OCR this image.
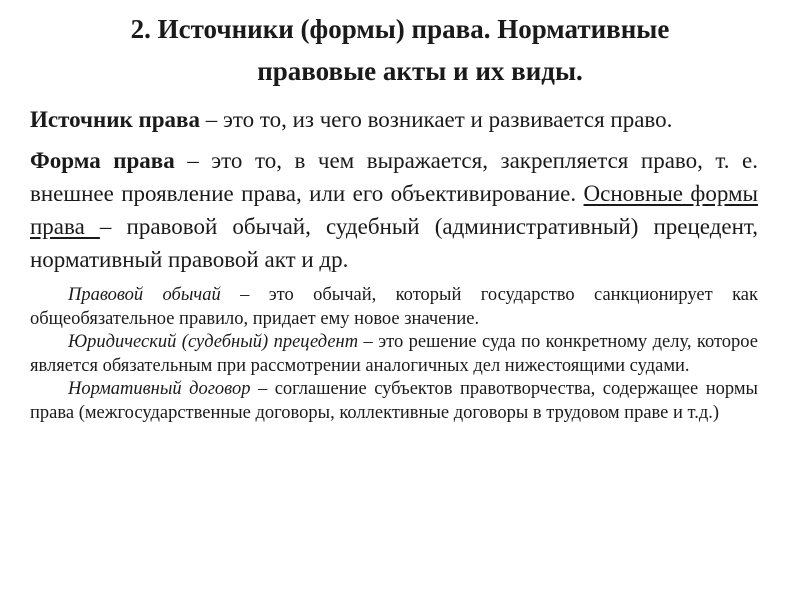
2. Источники (формы) права. Нормативные
правовые акты и их виды.

Источник права – это то, из чего возникает и развивается право.

Форма права – это то, в чем выражается, закрепляется право, т. е. внешнее проявление права, или его объективирование. Основные формы права – правовой обычай, судебный (административный) прецедент, нормативный правовой акт и др.

Правовой обычай – это обычай, который государство санкционирует как общеобязательное правило, придает ему новое значение.

Юридический (судебный) прецедент – это решение суда по конкретному делу, которое является обязательным при рассмотрении аналогичных дел нижестоящими судами.

Нормативный договор – соглашение субъектов правотворчества, содержащее нормы права (межгосударственные договоры, коллективные договоры в трудовом праве и т.д.)
